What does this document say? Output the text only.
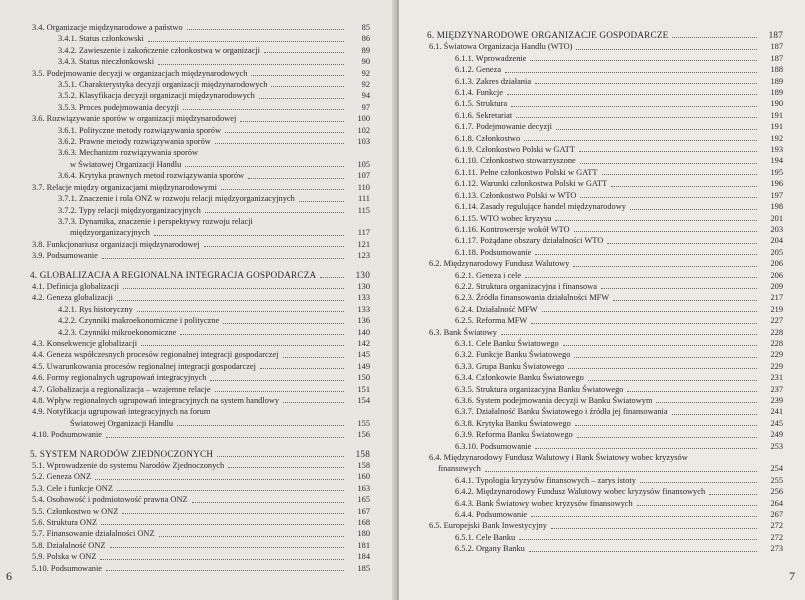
3.4. Organizacje międzynarodowe a państwo	85
3.4.1. Status członkowski	86
3.4.2. Zawieszenie i zakończenie członkostwa w organizacji	89
3.4.3. Status nieczłonkowski	90
3.5. Podejmowanie decyzji w organizacjach międzynarodowych	92
3.5.1. Charakterystyka decyzji organizacji międzynarodowych	92
3.5.2. Klasyfikacja decyzji organizacji międzynarodowych	94
3.5.3. Proces podejmowania decyzji	97
3.6. Rozwiązywanie sporów w organizacji międzynarodowej	100
3.6.1. Polityczne metody rozwiązywania sporów	102
3.6.2. Prawne metody rozwiązywania sporów	103
3.6.3. Mechanizm rozwiązywania sporów
w Światowej Organizacji Handlu	105
3.6.4. Krytyka prawnych metod rozwiązywania sporów	107
3.7. Relacje między organizacjami międzynarodowymi	110
3.7.1. Znaczenie i rola ONZ w rozwoju relacji międzyorganizacyjnych	111
3.7.2. Typy relacji międzyorganizacyjnych	115
3.7.3. Dynamika, znaczenie i perspektywy rozwoju relacji
międzyorganizacyjnych	117
3.8. Funkcjonariusz organizacji międzynarodowej	121
3.9. Podsumowanie	123
4. GLOBALIZACJA A REGIONALNA INTEGRACJA GOSPODARCZA	130
4.1. Definicja globalizacji	130
4.2. Geneza globalizacji	133
4.2.1. Rys historyczny	133
4.2.2. Czynniki makroekonomiczne i polityczne	136
4.2.3. Czynniki mikroekonomiczne	140
4.3. Konsekwencje globalizacji	142
4.4. Geneza współczesnych procesów regionalnej integracji gospodarczej	145
4.5. Uwarunkowania procesów regionalnej integracji gospodarczej	149
4.6. Formy regionalnych ugrupowań integracyjnych	150
4.7. Globalizacja a regionalizacja – wzajemne relacje	151
4.8. Wpływ regionalnych ugrupowań integracyjnych na system handlowy	154
4.9. Notyfikacja ugrupowań integracyjnych na forum
Światowej Organizacji Handlu	155
4.10. Podsumowanie	156
5. SYSTEM NARODÓW ZJEDNOCZONYCH	158
5.1. Wprowadzenie do systemu Narodów Zjednoczonych	158
5.2. Geneza ONZ	160
5.3. Cele i funkcje ONZ	163
5.4. Osobowość i podmiotowość prawna ONZ	165
5.5. Członkostwo w ONZ	167
5.6. Struktura ONZ	168
5.7. Finansowanie działalności ONZ	180
5.8. Działalność ONZ	181
5.9. Polska w ONZ	184
5.10. Podsumowanie	185
6
6. MIĘDZYNARODOWE ORGANIZACJE GOSPODARCZE	187
6.1. Światowa Organizacja Handlu (WTO)	187
6.1.1. Wprowadzenie	187
6.1.2. Geneza	188
6.1.3. Zakres działania	189
6.1.4. Funkcje	189
6.1.5. Struktura	190
6.1.6. Sekretariat	191
6.1.7. Podejmowanie decyzji	191
6.1.8. Członkostwo	192
6.1.9. Członkostwo Polski w GATT	193
6.1.10. Członkostwo stowarzyszone	194
6.1.11. Pełne członkostwo Polski w GATT	195
6.1.12. Warunki członkostwa Polski w GATT	196
6.1.13. Członkostwo Polski w WTO	197
6.1.14. Zasady regulujące handel międzynarodowy	198
6.1.15. WTO wobec kryzysu	201
6.1.16. Kontrowersje wokół WTO	203
6.1.17. Pożądane obszary działalności WTO	204
6.1.18. Podsumowanie	205
6.2. Międzynarodowy Fundusz Walutowy	206
6.2.1. Geneza i cele	206
6.2.2. Struktura organizacyjna i finansowa	209
6.2.3. Źródła finansowania działalności MFW	217
6.2.4. Działalność MFW	219
6.2.5. Reforma MFW	227
6.3. Bank Światowy	228
6.3.1. Cele Banku Światowego	228
6.3.2. Funkcje Banku Światowego	229
6.3.3. Grupa Banku Światowego	229
6.3.4. Członkowie Banku Światowego	231
6.3.5. Struktura organizacyjna Banku Światowego	237
6.3.6. System podejmowania decyzji w Banku Światowym	239
6.3.7. Działalność Banku Światowego i źródła jej finansowania	241
6.3.8. Krytyka Banku Światowego	245
6.3.9. Reforma Banku Światowego	249
6.3.10. Podsumowanie	253
6.4. Międzynarodowy Fundusz Walutowy i Bank Światowy wobec kryzysów
finansowych	254
6.4.1. Typologia kryzysów finansowych – zarys istoty	255
6.4.2. Międzynarodowy Fundusz Walutowy wobec kryzysów finansowych	256
6.4.3. Bank Światowy wobec kryzysów finansowych	264
6.4.4. Podsumowanie	267
6.5. Europejski Bank Inwestycyjny	272
6.5.1. Cele Banku	272
6.5.2. Organy Banku	273
7
